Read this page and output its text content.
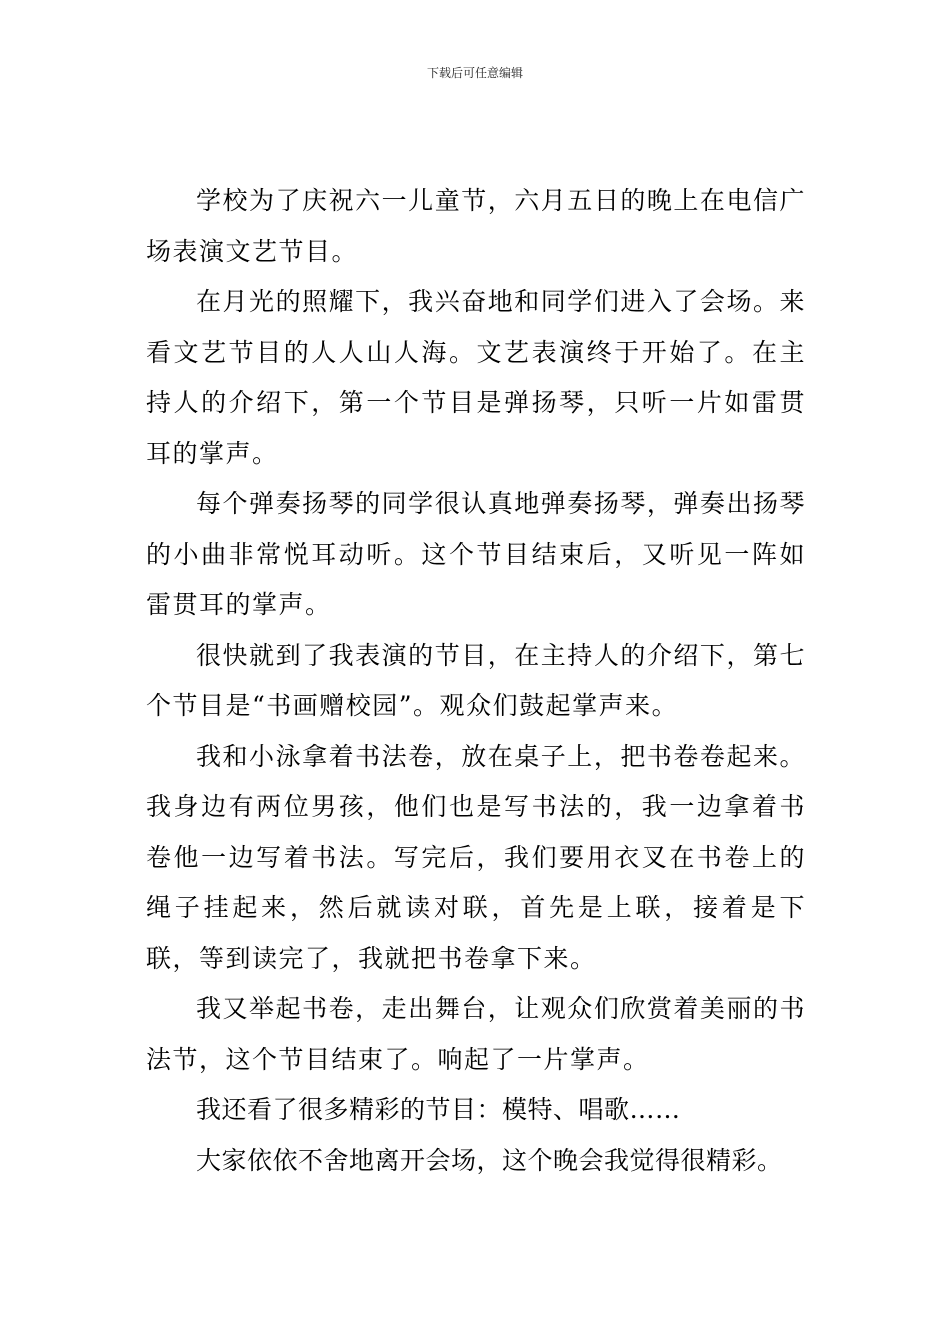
下载后可任意编辑

学校为了庆祝六一儿童节，六月五日的晚上在电信广场表演文艺节目。

在月光的照耀下，我兴奋地和同学们进入了会场。来看文艺节目的人人山人海。文艺表演终于开始了。在主持人的介绍下，第一个节目是弹扬琴，只听一片如雷贯耳的掌声。

每个弹奏扬琴的同学很认真地弹奏扬琴，弹奏出扬琴的小曲非常悦耳动听。这个节目结束后，又听见一阵如雷贯耳的掌声。

很快就到了我表演的节目，在主持人的介绍下，第七个节目是“书画赠校园”。观众们鼓起掌声来。

我和小泳拿着书法卷，放在桌子上，把书卷卷起来。我身边有两位男孩，他们也是写书法的，我一边拿着书卷他一边写着书法。写完后，我们要用衣叉在书卷上的绳子挂起来，然后就读对联，首先是上联，接着是下联，等到读完了，我就把书卷拿下来。

我又举起书卷，走出舞台，让观众们欣赏着美丽的书法节，这个节目结束了。响起了一片掌声。

我还看了很多精彩的节目：模特、唱歌……

大家依依不舍地离开会场，这个晚会我觉得很精彩。
